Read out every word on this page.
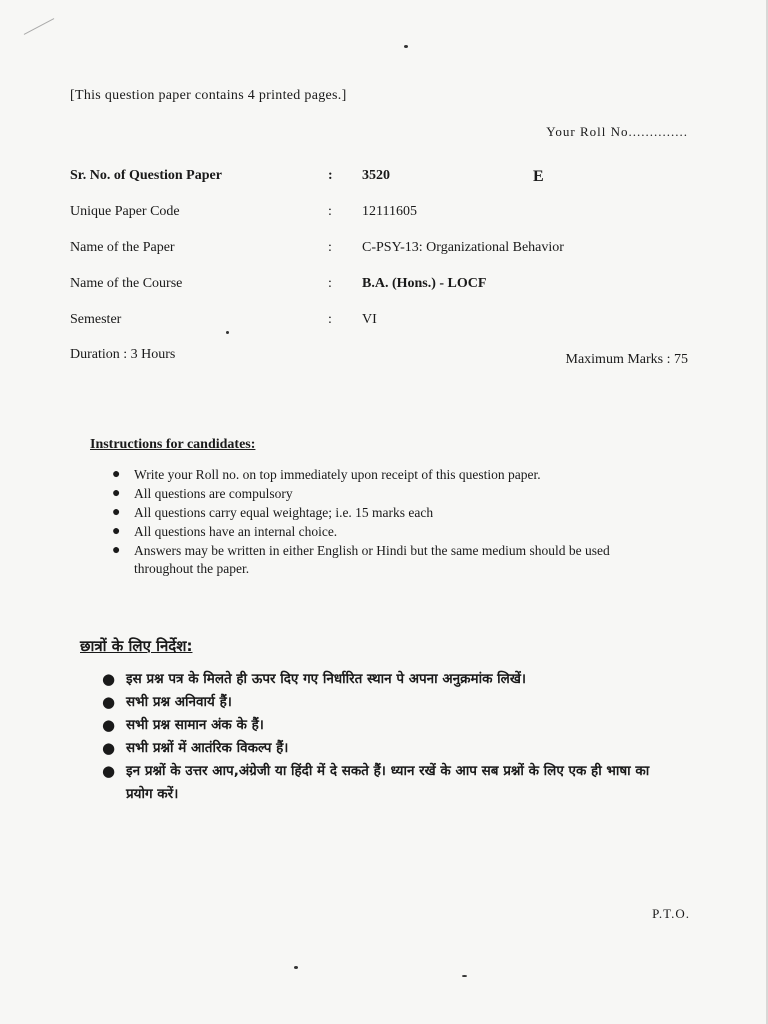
[This question paper contains 4 printed pages.]
Your Roll No..............
Sr. No. of Question Paper	: 3520	E
Unique Paper Code	: 12111605
Name of the Paper	: C-PSY-13: Organizational Behavior
Name of the Course	: B.A. (Hons.) - LOCF
Semester	: VI
Duration : 3 Hours	Maximum Marks : 75
Instructions for candidates:
● Write your Roll no. on top immediately upon receipt of this question paper.
● All questions are compulsory
● All questions carry equal weightage; i.e. 15 marks each
● All questions have an internal choice.
● Answers may be written in either English or Hindi but the same medium should be used throughout the paper.
छात्रों के लिए निर्देश:
● इस प्रश्न पत्र के मिलते ही ऊपर दिए गए निर्धारित स्थान पे अपना अनुक्रमांक लिखें।
● सभी प्रश्न अनिवार्य हैं।
● सभी प्रश्न सामान अंक के हैं।
● सभी प्रश्नों में आतंरिक विकल्प हैं।
● इन प्रश्नों के उत्तर आप,अंग्रेजी या हिंदी में दे सकते हैं। ध्यान रखें के आप सब प्रश्नों के लिए एक ही भाषा का प्रयोग करें।
P.T.O.
